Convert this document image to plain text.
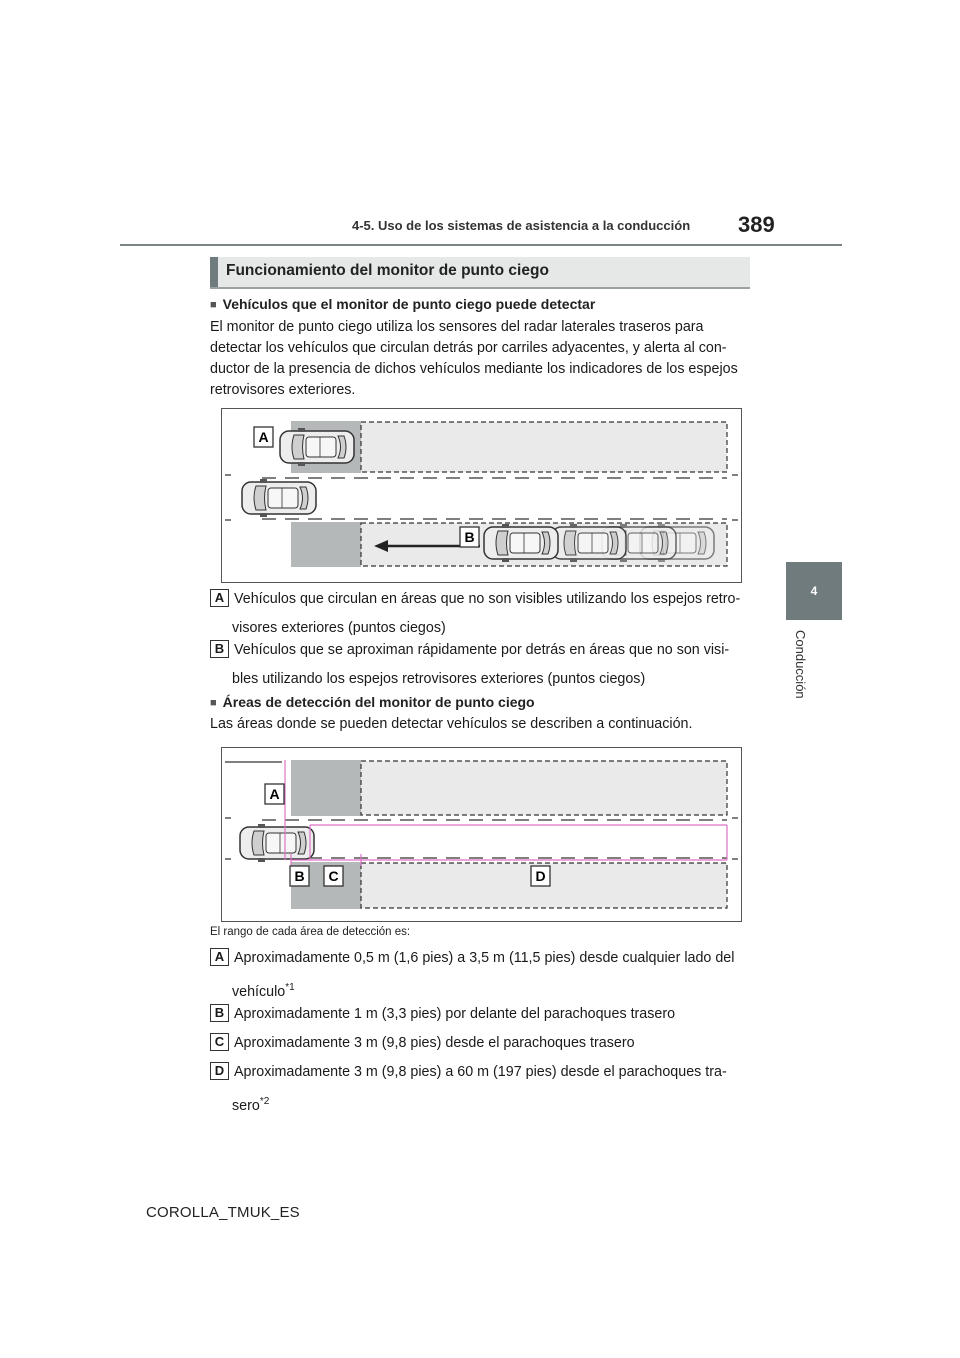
4-5. Uso de los sistemas de asistencia a la conducción 389
4
Conducción
Funcionamiento del monitor de punto ciego
■ Vehículos que el monitor de punto ciego puede detectar
El monitor de punto ciego utiliza los sensores del radar laterales traseros para detectar los vehículos que circulan detrás por carriles adyacentes, y alerta al con-ductor de la presencia de dichos vehículos mediante los indicadores de los espejos retrovisores exteriores.
A
B
A Vehículos que circulan en áreas que no son visibles utilizando los espejos retro-
visores exteriores (puntos ciegos)
B Vehículos que se aproximan rápidamente por detrás en áreas que no son visi-
bles utilizando los espejos retrovisores exteriores (puntos ciegos)
■ Áreas de detección del monitor de punto ciego
Las áreas donde se pueden detectar vehículos se describen a continuación.
A
B C	D
El rango de cada área de detección es:
A Aproximadamente 0,5 m (1,6 pies) a 3,5 m (11,5 pies) desde cualquier lado del
vehículo$^{*1}$
B Aproximadamente 1 m (3,3 pies) por delante del parachoques trasero
C Aproximadamente 3 m (9,8 pies) desde el parachoques trasero
D Aproximadamente 3 m (9,8 pies) a 60 m (197 pies) desde el parachoques tra-
sero$^{*2}$
COROLLA_TMUK_ES
